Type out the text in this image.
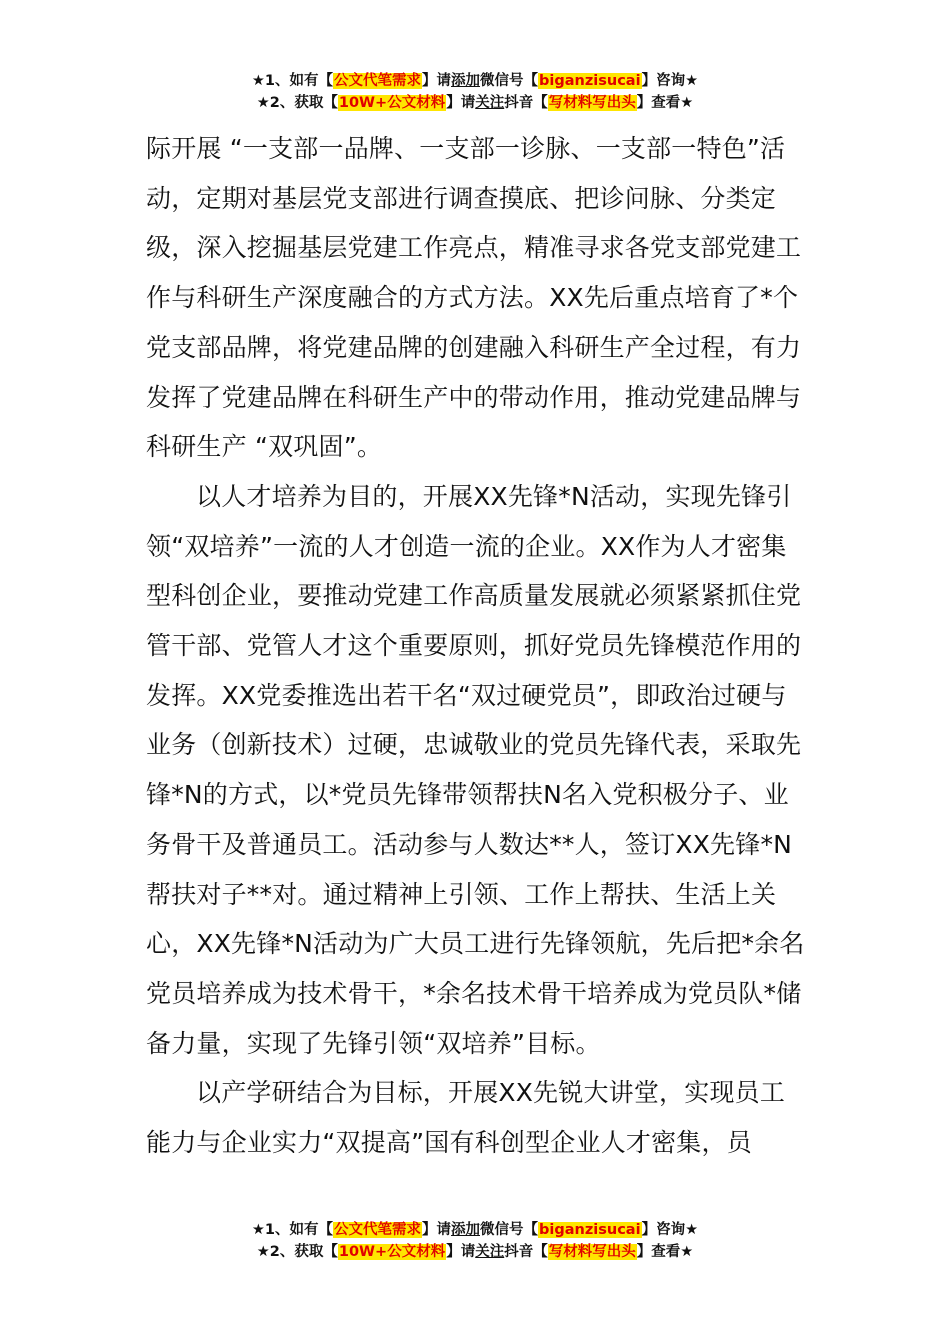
★1、如有【公文代笔需求】请添加微信号【biganzisucai】咨询★
★2、获取【10W+公文材料】请关注抖音【写材料写出头】查看★

际开展 “一支部一品牌、一支部一诊脉、一支部一特色”活动，定期对基层党支部进行调查摸底、把诊问脉、分类定级，深入挖掘基层党建工作亮点，精准寻求各党支部党建工作与科研生产深度融合的方式方法。XX先后重点培育了*个党支部品牌，将党建品牌的创建融入科研生产全过程，有力发挥了党建品牌在科研生产中的带动作用，推动党建品牌与科研生产 “双巩固”。

以人才培养为目的，开展XX先锋*N活动，实现先锋引领“双培养”一流的人才创造一流的企业。XX作为人才密集型科创企业，要推动党建工作高质量发展就必须紧紧抓住党管干部、党管人才这个重要原则，抓好党员先锋模范作用的发挥。XX党委推选出若干名“双过硬党员”，即政治过硬与业务（创新技术）过硬，忠诚敬业的党员先锋代表，采取先锋*N的方式，以*党员先锋带领帮扶N名入党积极分子、业务骨干及普通员工。活动参与人数达**人，签订XX先锋*N帮扶对子**对。通过精神上引领、工作上帮扶、生活上关心，XX先锋*N活动为广大员工进行先锋领航，先后把*余名党员培养成为技术骨干，*余名技术骨干培养成为党员队*储备力量，实现了先锋引领“双培养”目标。

以产学研结合为目标，开展XX先锐大讲堂，实现员工能力与企业实力“双提高”国有科创型企业人才密集，员

★1、如有【公文代笔需求】请添加微信号【biganzisucai】咨询★
★2、获取【10W+公文材料】请关注抖音【写材料写出头】查看★
